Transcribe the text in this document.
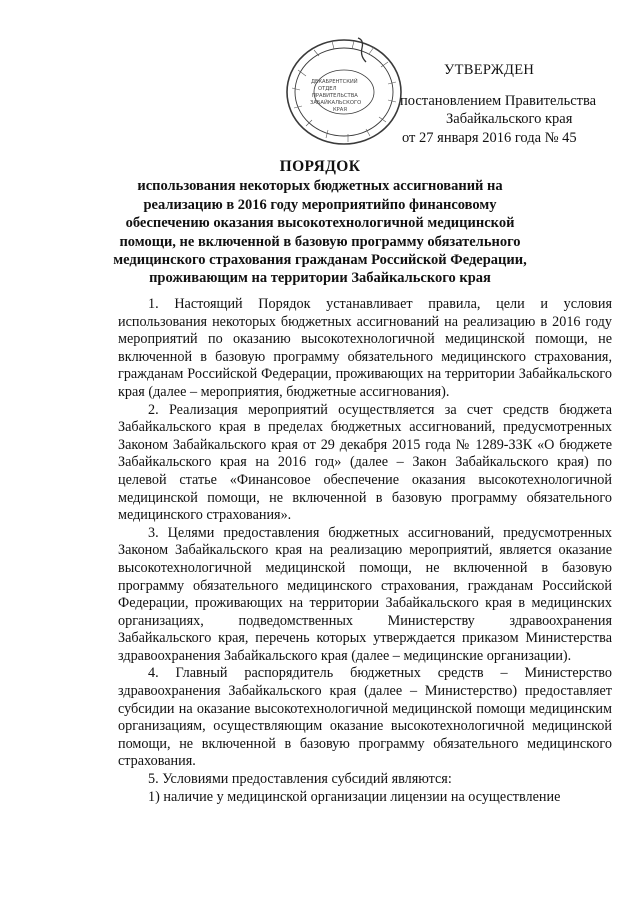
ДЕКАБРЕНТСКИЙ
ОТДЕЛ
ПРАВИТЕЛЬСТВА
ЗАБАЙКАЛЬСКОГО
КРАЯ
УТВЕРЖДЕН
постановлением Правительства
Забайкальского края
от 27 января 2016 года № 45
ПОРЯДОК
использования некоторых бюджетных ассигнований на реализацию в 2016 году мероприятийпо финансовому обеспечению оказания высокотехнологичной медицинской помощи, не включенной в базовую программу обязательного медицинского страхования гражданам Российской Федерации, проживающим на территории Забайкальского края

1. Настоящий Порядок устанавливает правила, цели и условия использования некоторых бюджетных ассигнований на реализацию в 2016 году мероприятий по оказанию высокотехнологичной медицинской помощи, не включенной в базовую программу обязательного медицинского страхования, гражданам Российской Федерации, проживающих на территории Забайкальского края (далее – мероприятия, бюджетные ассигнования).

2. Реализация мероприятий осуществляется за счет средств бюджета Забайкальского края в пределах бюджетных ассигнований, предусмотренных Законом Забайкальского края от 29 декабря 2015 года № 1289-ЗЗК «О бюджете Забайкальского края на 2016 год» (далее – Закон Забайкальского края) по целевой статье «Финансовое обеспечение оказания высокотехнологичной медицинской помощи, не включенной в базовую программу обязательного медицинского страхования».

3. Целями предоставления бюджетных ассигнований, предусмотренных Законом Забайкальского края на реализацию мероприятий, является оказание высокотехнологичной медицинской помощи, не включенной в базовую программу обязательного медицинского страхования, гражданам Российской Федерации, проживающих на территории Забайкальского края в медицинских организациях, подведомственных Министерству здравоохранения Забайкальского края, перечень которых утверждается приказом Министерства здравоохранения Забайкальского края (далее – медицинские организации).

4. Главный распорядитель бюджетных средств – Министерство здравоохранения Забайкальского края (далее – Министерство) предоставляет субсидии на оказание высокотехнологичной медицинской помощи медицинским организациям, осуществляющим оказание высокотехнологичной медицинской помощи, не включенной в базовую программу обязательного медицинского страхования.

5. Условиями предоставления субсидий являются:

1) наличие у медицинской организации лицензии на осуществление
